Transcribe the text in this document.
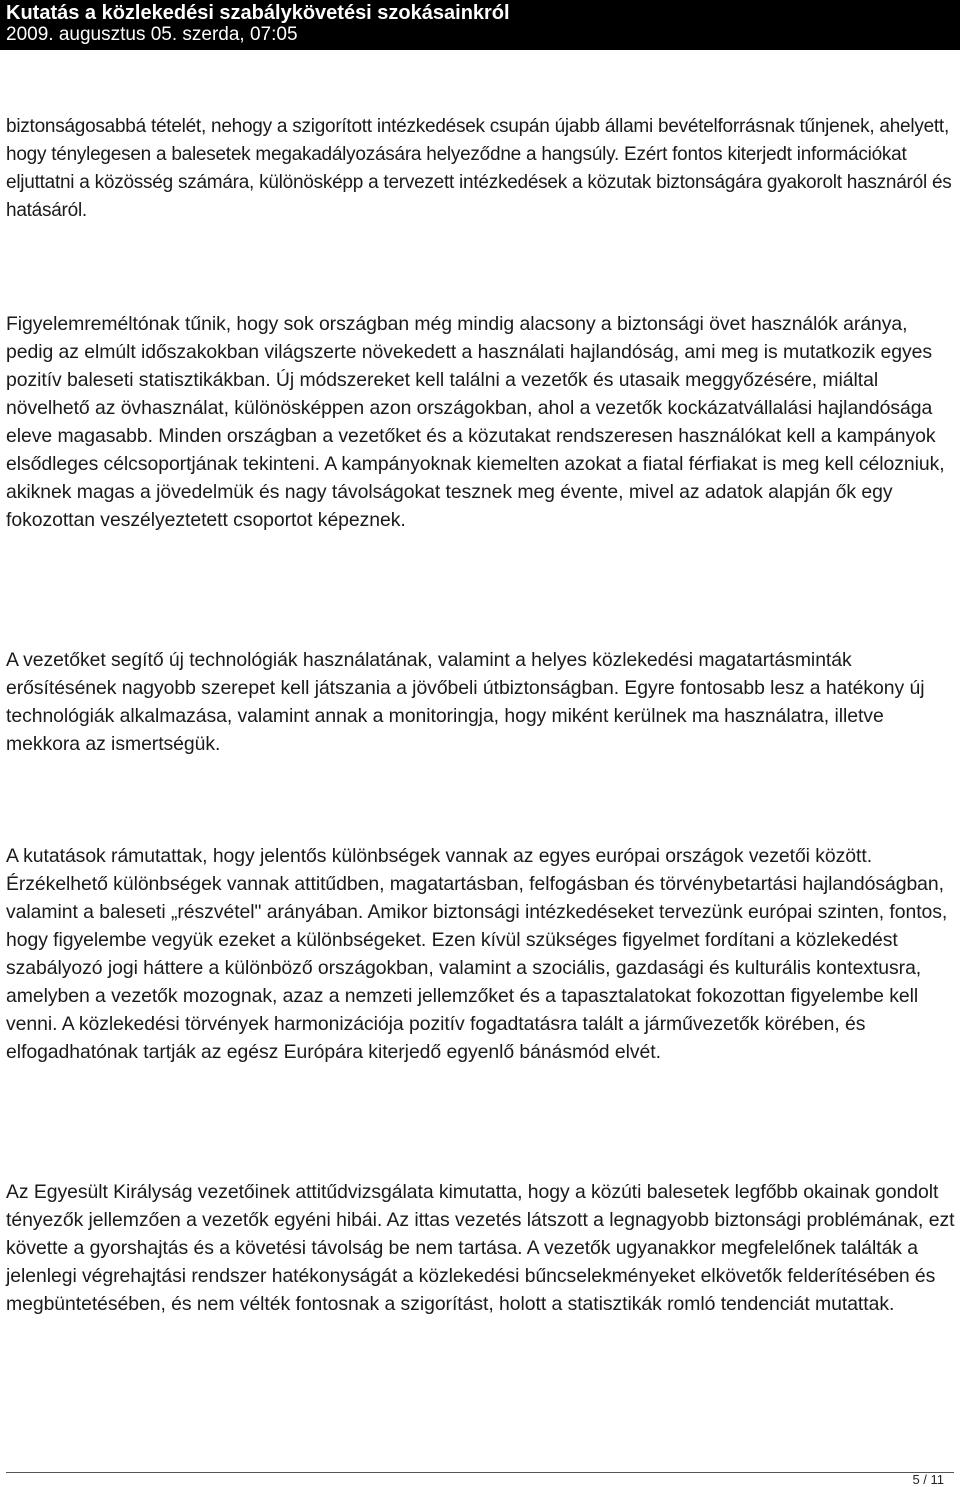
Kutatás a közlekedési szabálykövetési szokásainkról
2009. augusztus 05. szerda, 07:05

biztonságosabbá tételét, nehogy a szigorított intézkedések csupán újabb állami bevételforrásnak tűnjenek, ahelyett, hogy ténylegesen a balesetek megakadályozására helyeződne a hangsúly. Ezért fontos kiterjedt információkat eljuttatni a közösség számára, különösképp a tervezett intézkedések a közutak biztonságára gyakorolt hasznáról és hatásáról.

Figyelemreméltónak tűnik, hogy sok országban még mindig alacsony a biztonsági övet használók aránya, pedig az elmúlt időszakokban világszerte növekedett a használati hajlandóság, ami meg is mutatkozik egyes pozitív baleseti statisztikákban. Új módszereket kell találni a vezetők és utasaik meggyőzésére, miáltal növelhető az övhasználat, különösképpen azon országokban, ahol a vezetők kockázatvállalási hajlandósága eleve magasabb. Minden országban a vezetőket és a közutakat rendszeresen használókat kell a kampányok elsődleges célcsoportjának tekinteni. A kampányoknak kiemelten azokat a fiatal férfiakat is meg kell célozniuk, akiknek magas a jövedelmük és nagy távolságokat tesznek meg évente, mivel az adatok alapján ők egy fokozottan veszélyeztetett csoportot képeznek.

A vezetőket segítő új technológiák használatának, valamint a helyes közlekedési magatartásminták erősítésének nagyobb szerepet kell játszania a jövőbeli útbiztonságban. Egyre fontosabb lesz a hatékony új technológiák alkalmazása, valamint annak a monitoringja, hogy miként kerülnek ma használatra, illetve mekkora az ismertségük.

A kutatások rámutattak, hogy jelentős különbségek vannak az egyes európai országok vezetői között. Érzékelhető különbségek vannak attitűdben, magatartásban, felfogásban és törvénybetartási hajlandóságban, valamint a baleseti „részvétel" arányában. Amikor biztonsági intézkedéseket tervezünk európai szinten, fontos, hogy figyelembe vegyük ezeket a különbségeket. Ezen kívül szükséges figyelmet fordítani a közlekedést szabályozó jogi háttere a különböző országokban, valamint a szociális, gazdasági és kulturális kontextusra, amelyben a vezetők mozognak, azaz a nemzeti jellemzőket és a tapasztalatokat fokozottan figyelembe kell venni. A közlekedési törvények harmonizációja pozitív fogadtatásra talált a járművezetők körében, és elfogadhatónak tartják az egész Európára kiterjedő egyenlő bánásmód elvét.

Az Egyesült Királyság vezetőinek attitűdvizsgálata kimutatta, hogy a közúti balesetek legfőbb okainak gondolt tényezők jellemzően a vezetők egyéni hibái. Az ittas vezetés látszott a legnagyobb biztonsági problémának, ezt követte a gyorshajtás és a követési távolság be nem tartása. A vezetők ugyanakkor megfelelőnek találták a jelenlegi végrehajtási rendszer hatékonyságát a közlekedési bűncselekményeket elkövetők felderítésében és megbüntetésében, és nem vélték fontosnak a szigorítást, holott a statisztikák romló tendenciát mutattak.

5 / 11
